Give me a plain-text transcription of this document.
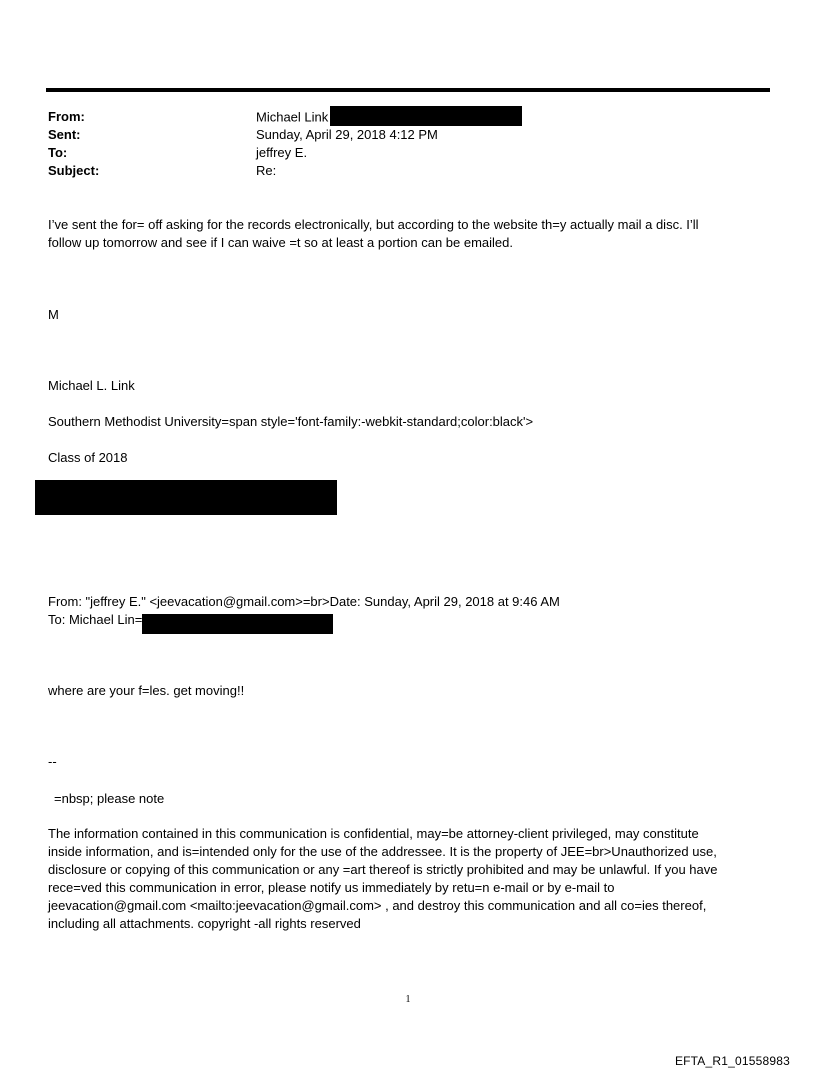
From:	Michael Link
Sent:	Sunday, April 29, 2018 4:12 PM
To:	jeffrey E.
Subject:	Re:
I’ve sent the for= off asking for the records electronically, but according to the website th=y actually mail a disc. I’ll
follow up tomorrow and see if I can waive =t so at least a portion can be emailed.
M
Michael L. Link
Southern Methodist University=span style='font-family:-webkit-standard;color:black'>
Class of 2018
From: "jeffrey E." <jeevacation@gmail.com>=br>Date: Sunday, April 29, 2018 at 9:46 AM
To: Michael Lin=
where are your f=les. get moving!!
--
=nbsp; please note
The information contained in this communication is confidential, may=be attorney-client privileged, may constitute
inside information, and is=intended only for the use of the addressee. It is the property of JEE=br>Unauthorized use,
disclosure or copying of this communication or any =art thereof is strictly prohibited and may be unlawful. If you have
rece=ved this communication in error, please notify us immediately by retu=n e-mail or by e-mail to
jeevacation@gmail.com <mailto:jeevacation@gmail.com> , and destroy this communication and all co=ies thereof,
including all attachments. copyright -all rights reserved
1
EFTA_R1_01558983
